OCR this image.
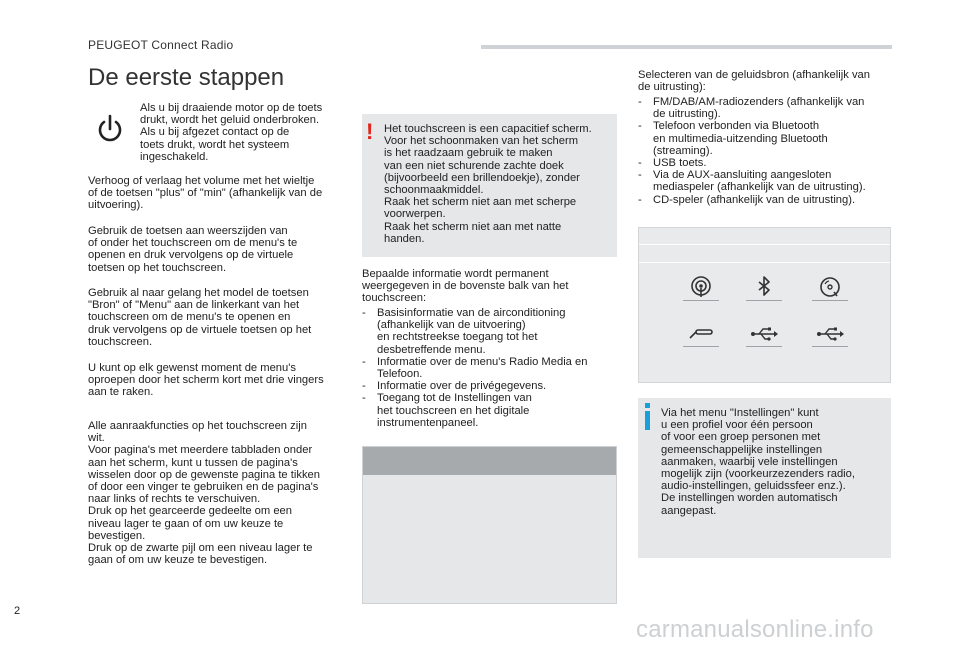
PEUGEOT Connect Radio
De eerste stappen

Als u bij draaiende motor op de toets
drukt, wordt het geluid onderbroken.
Als u bij afgezet contact op de
toets drukt, wordt het systeem
ingeschakeld.

Verhoog of verlaag het volume met het wieltje
of de toetsen "plus" of "min" (afhankelijk van de
uitvoering).

Gebruik de toetsen aan weerszijden van
of onder het touchscreen om de menu's te
openen en druk vervolgens op de virtuele
toetsen op het touchscreen.

Gebruik al naar gelang het model de toetsen
"Bron" of "Menu" aan de linkerkant van het
touchscreen om de menu's te openen en
druk vervolgens op de virtuele toetsen op het
touchscreen.

U kunt op elk gewenst moment de menu's
oproepen door het scherm kort met drie vingers
aan te raken.

Alle aanraakfuncties op het touchscreen zijn
wit.
Voor pagina's met meerdere tabbladen onder
aan het scherm, kunt u tussen de pagina's
wisselen door op de gewenste pagina te tikken
of door een vinger te gebruiken en de pagina's
naar links of rechts te verschuiven.
Druk op het gearceerde gedeelte om een
niveau lager te gaan of om uw keuze te
bevestigen.
Druk op de zwarte pijl om een niveau lager te
gaan of om uw keuze te bevestigen.

! Het touchscreen is een capacitief scherm.
Voor het schoonmaken van het scherm
is het raadzaam gebruik te maken
van een niet schurende zachte doek
(bijvoorbeeld een brillendoekje), zonder
schoonmaakmiddel.
Raak het scherm niet aan met scherpe
voorwerpen.
Raak het scherm niet aan met natte
handen.

Bepaalde informatie wordt permanent
weergegeven in de bovenste balk van het
touchscreen:

- Basisinformatie van de airconditioning
(afhankelijk van de uitvoering)
en rechtstreekse toegang tot het
desbetreffende menu.
- Informatie over de menu's Radio Media en
Telefoon.
- Informatie over de privégegevens.
- Toegang tot de Instellingen van
het touchscreen en het digitale
instrumentenpaneel.

Selecteren van de geluidsbron (afhankelijk van
de uitrusting):

- FM/DAB/AM-radiozenders (afhankelijk van
de uitrusting).
- Telefoon verbonden via Bluetooth
en multimedia-uitzending Bluetooth
(streaming).
- USB toets.
- Via de AUX-aansluiting aangesloten
mediaspeler (afhankelijk van de uitrusting).
- CD-speler (afhankelijk van de uitrusting).

Via het menu "Instellingen" kunt
u een profiel voor één persoon
of voor een groep personen met
gemeenschappelijke instellingen
aanmaken, waarbij vele instellingen
mogelijk zijn (voorkeurzezenders radio,
audio-instellingen, geluidssfeer enz.).
De instellingen worden automatisch
aangepast.

2
carmanualsonline.info
